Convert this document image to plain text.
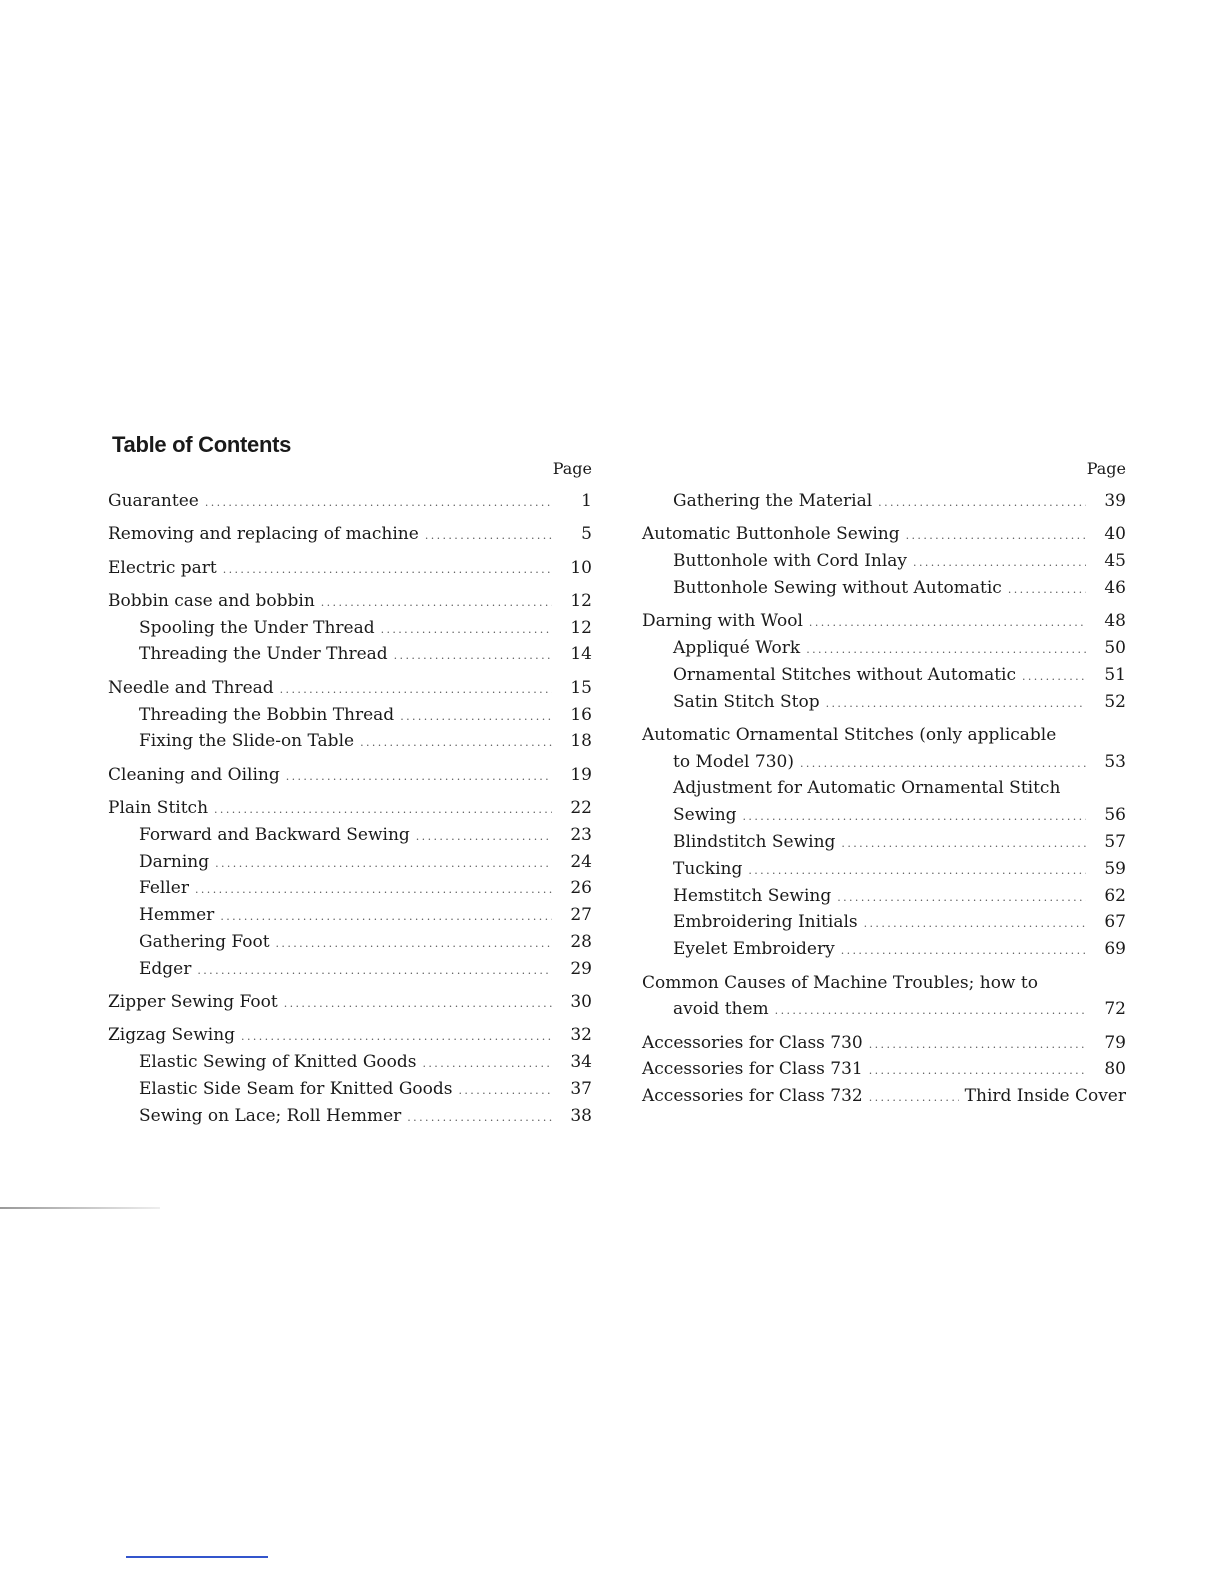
Table of Contents
Page
Guarantee .....	1
Removing and replacing of machine .....	5
Electric part .....	10
Bobbin case and bobbin .....	12
Spooling the Under Thread .....	12
Threading the Under Thread .....	14
Needle and Thread .....	15
Threading the Bobbin Thread .....	16
Fixing the Slide-on Table .....	18
Cleaning and Oiling .....	19
Plain Stitch .....	22
Forward and Backward Sewing .....	23
Darning .....	24
Feller .....	26
Hemmer .....	27
Gathering Foot .....	28
Edger .....	29
Zipper Sewing Foot .....	30
Zigzag Sewing .....	32
Elastic Sewing of Knitted Goods .....	34
Elastic Side Seam for Knitted Goods .....	37
Sewing on Lace; Roll Hemmer .....	38
Page
Gathering the Material .....	39
Automatic Buttonhole Sewing .....	40
Buttonhole with Cord Inlay .....	45
Buttonhole Sewing without Automatic .....	46
Darning with Wool .....	48
Appliqué Work .....	50
Ornamental Stitches without Automatic .....	51
Satin Stitch Stop .....	52
Automatic Ornamental Stitches (only applicable
to Model 730) .....	53
Adjustment for Automatic Ornamental Stitch
Sewing .....	56
Blindstitch Sewing .....	57
Tucking .....	59
Hemstitch Sewing .....	62
Embroidering Initials .....	67
Eyelet Embroidery .....	69
Common Causes of Machine Troubles; how to
avoid them .....	72
Accessories for Class 730 .....	79
Accessories for Class 731 .....	80
Accessories for Class 732 .....	Third Inside Cover
